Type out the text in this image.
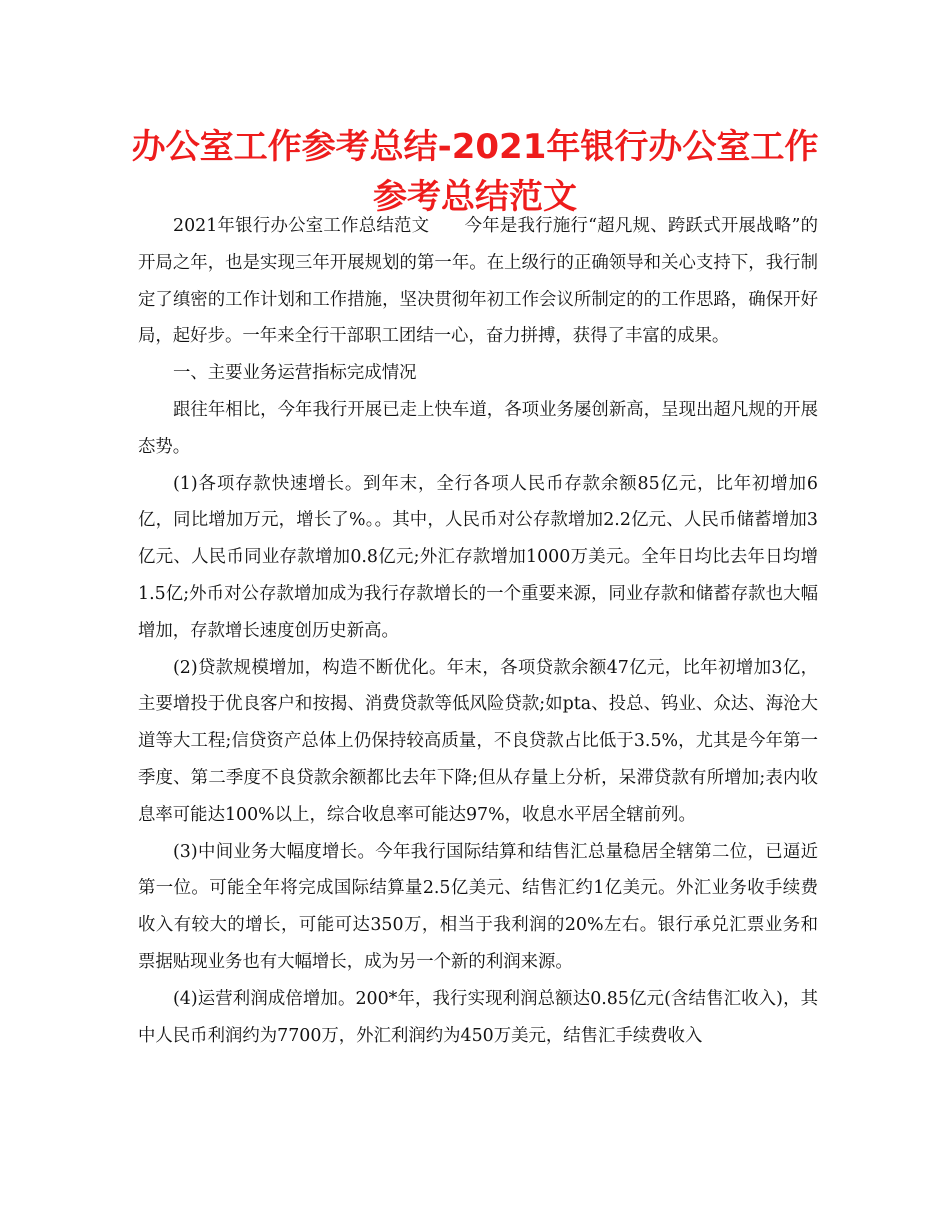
办公室工作参考总结-2021年银行办公室工作参考总结范文

2021年银行办公室工作总结范文　　今年是我行施行“超凡规、跨跃式开展战略”的开局之年，也是实现三年开展规划的第一年。在上级行的正确领导和关心支持下，我行制定了缜密的工作计划和工作措施，坚决贯彻年初工作会议所制定的的工作思路，确保开好局，起好步。一年来全行干部职工团结一心，奋力拼搏，获得了丰富的成果。

一、主要业务运营指标完成情况

跟往年相比，今年我行开展已走上快车道，各项业务屡创新高，呈现出超凡规的开展态势。

(1)各项存款快速增长。到年末，全行各项人民币存款余额85亿元，比年初增加6亿，同比增加万元，增长了%。。其中，人民币对公存款增加2.2亿元、人民币储蓄增加3亿元、人民币同业存款增加0.8亿元;外汇存款增加1000万美元。全年日均比去年日均增1.5亿;外币对公存款增加成为我行存款增长的一个重要来源，同业存款和储蓄存款也大幅增加，存款增长速度创历史新高。

(2)贷款规模增加，构造不断优化。年末，各项贷款余额47亿元，比年初增加3亿，主要增投于优良客户和按揭、消费贷款等低风险贷款;如pta、投总、钨业、众达、海沧大道等大工程;信贷资产总体上仍保持较高质量，不良贷款占比低于3.5%，尤其是今年第一季度、第二季度不良贷款余额都比去年下降;但从存量上分析，呆滞贷款有所增加;表内收息率可能达100%以上，综合收息率可能达97%，收息水平居全辖前列。

(3)中间业务大幅度增长。今年我行国际结算和结售汇总量稳居全辖第二位，已逼近第一位。可能全年将完成国际结算量2.5亿美元、结售汇约1亿美元。外汇业务收手续费收入有较大的增长，可能可达350万，相当于我利润的20%左右。银行承兑汇票业务和票据贴现业务也有大幅增长，成为另一个新的利润来源。

(4)运营利润成倍增加。200*年，我行实现利润总额达0.85亿元(含结售汇收入)，其中人民币利润约为7700万，外汇利润约为450万美元，结售汇手续费收入
